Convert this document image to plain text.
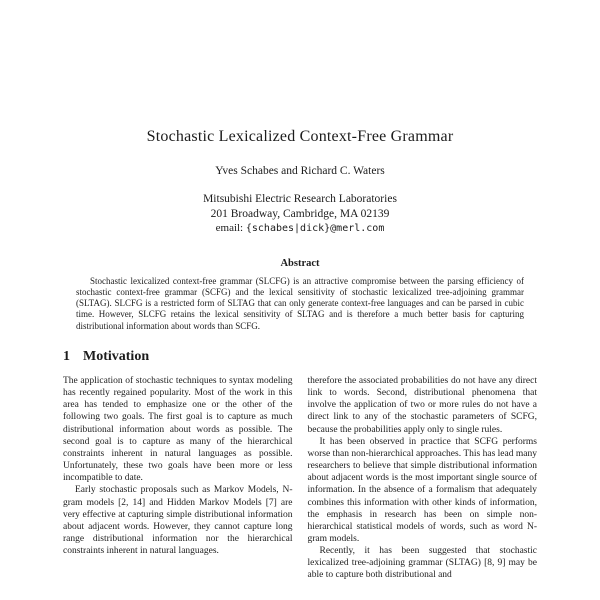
Stochastic Lexicalized Context-Free Grammar
Yves Schabes and Richard C. Waters
Mitsubishi Electric Research Laboratories
201 Broadway, Cambridge, MA 02139
email: {schabes|dick}@merl.com
Abstract

Stochastic lexicalized context-free grammar (SLCFG) is an attractive compromise between the parsing efficiency of stochastic context-free grammar (SCFG) and the lexical sensitivity of stochastic lexicalized tree-adjoining grammar (SLTAG). SLCFG is a restricted form of SLTAG that can only generate context-free languages and can be parsed in cubic time. However, SLCFG retains the lexical sensitivity of SLTAG and is therefore a much better basis for capturing distributional information about words than SCFG.

1 Motivation

The application of stochastic techniques to syntax modeling has recently regained popularity. Most of the work in this area has tended to emphasize one or the other of the following two goals. The first goal is to capture as much distributional information about words as possible. The second goal is to capture as many of the hierarchical constraints inherent in natural languages as possible. Unfortunately, these two goals have been more or less incompatible to date.

Early stochastic proposals such as Markov Models, N-gram models [2, 14] and Hidden Markov Models [7] are very effective at capturing simple distributional information about adjacent words. However, they cannot capture long range distributional information nor the hierarchical constraints inherent in natural languages.

therefore the associated probabilities do not have any direct link to words. Second, distributional phenomena that involve the application of two or more rules do not have a direct link to any of the stochastic parameters of SCFG, because the probabilities apply only to single rules.

It has been observed in practice that SCFG performs worse than non-hierarchical approaches. This has lead many researchers to believe that simple distributional information about adjacent words is the most important single source of information. In the absence of a formalism that adequately combines this information with other kinds of information, the emphasis in research has been on simple non-hierarchical statistical models of words, such as word N-gram models.

Recently, it has been suggested that stochastic lexicalized tree-adjoining grammar (SLTAG) [8, 9] may be able to capture both distributional and
